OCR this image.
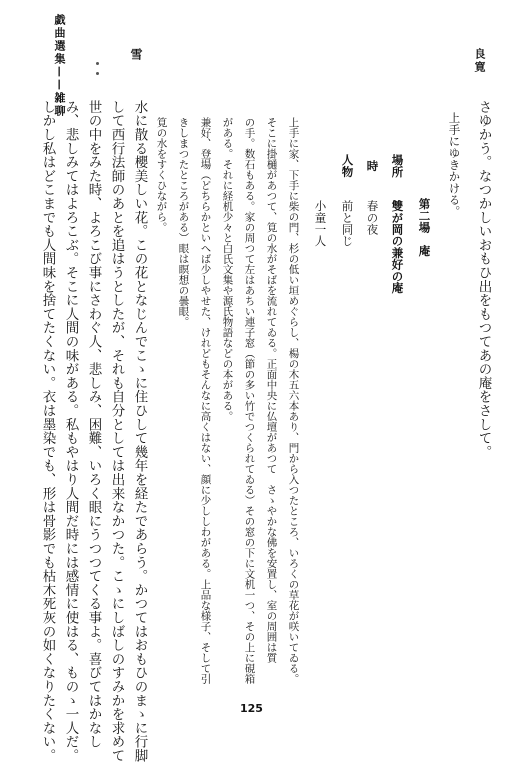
戯曲選集——雑聊	良寛
雪
さゆかう。なつかしいおもひ出をもつてあの庵をさして。
上手にゆきかける。
第二場　庵
場所
雙が岡の兼好の庵
時
春の夜
人物
前と同じ
小童一人
上手に家、下手に柴の門、杉の低い垣めぐらし、楊の木五六本あり、門から入つたところ、いろくの草花が咲いてゐる。
そこに掛樋があつて、筧の水がそばを流れてゐる。正面中央に仏壇があつて　さゝやかな佛を安置し、室の周囲は質
の手。数石もある。家の周つて左はあちい連子窓（節の多い竹でつくられてゐる）その窓の下に文机一つ、その上に硯箱
がある。それに経机少々と白氏文集や源氏物語などの本がある。
兼好、登場（どちらかといへば少しやせた、けれどもそんなに高くはない、顔に少ししわがある。上品な様子、そして引
きしまつたところがある）眼は瞑想の曇眼。
筧の水をすくひながら。
水に散る櫻美しい花。この花となじんでこゝに住ひして幾年を経たであらう。かつてはおもひのまゝに行脚
して西行法師のあとを追はうとしたが、それも自分としては出来なかつた。こゝにしばしのすみかを求めて
世の中をみた時、よろこび事にさわぐ人、悲しみ、困難、いろく眼にうつつてくる事よ。喜びてはかなし
み、悲しみてはよろこぶ。そこに人間の味がある。私もやはり人間だ時には感情に使はる、ものゝ一人だ。
しかし私はどこまでも人間味を捨てたくない。衣は墨染でも、形は骨影でも枯木死灰の如くなりたくない。	125
